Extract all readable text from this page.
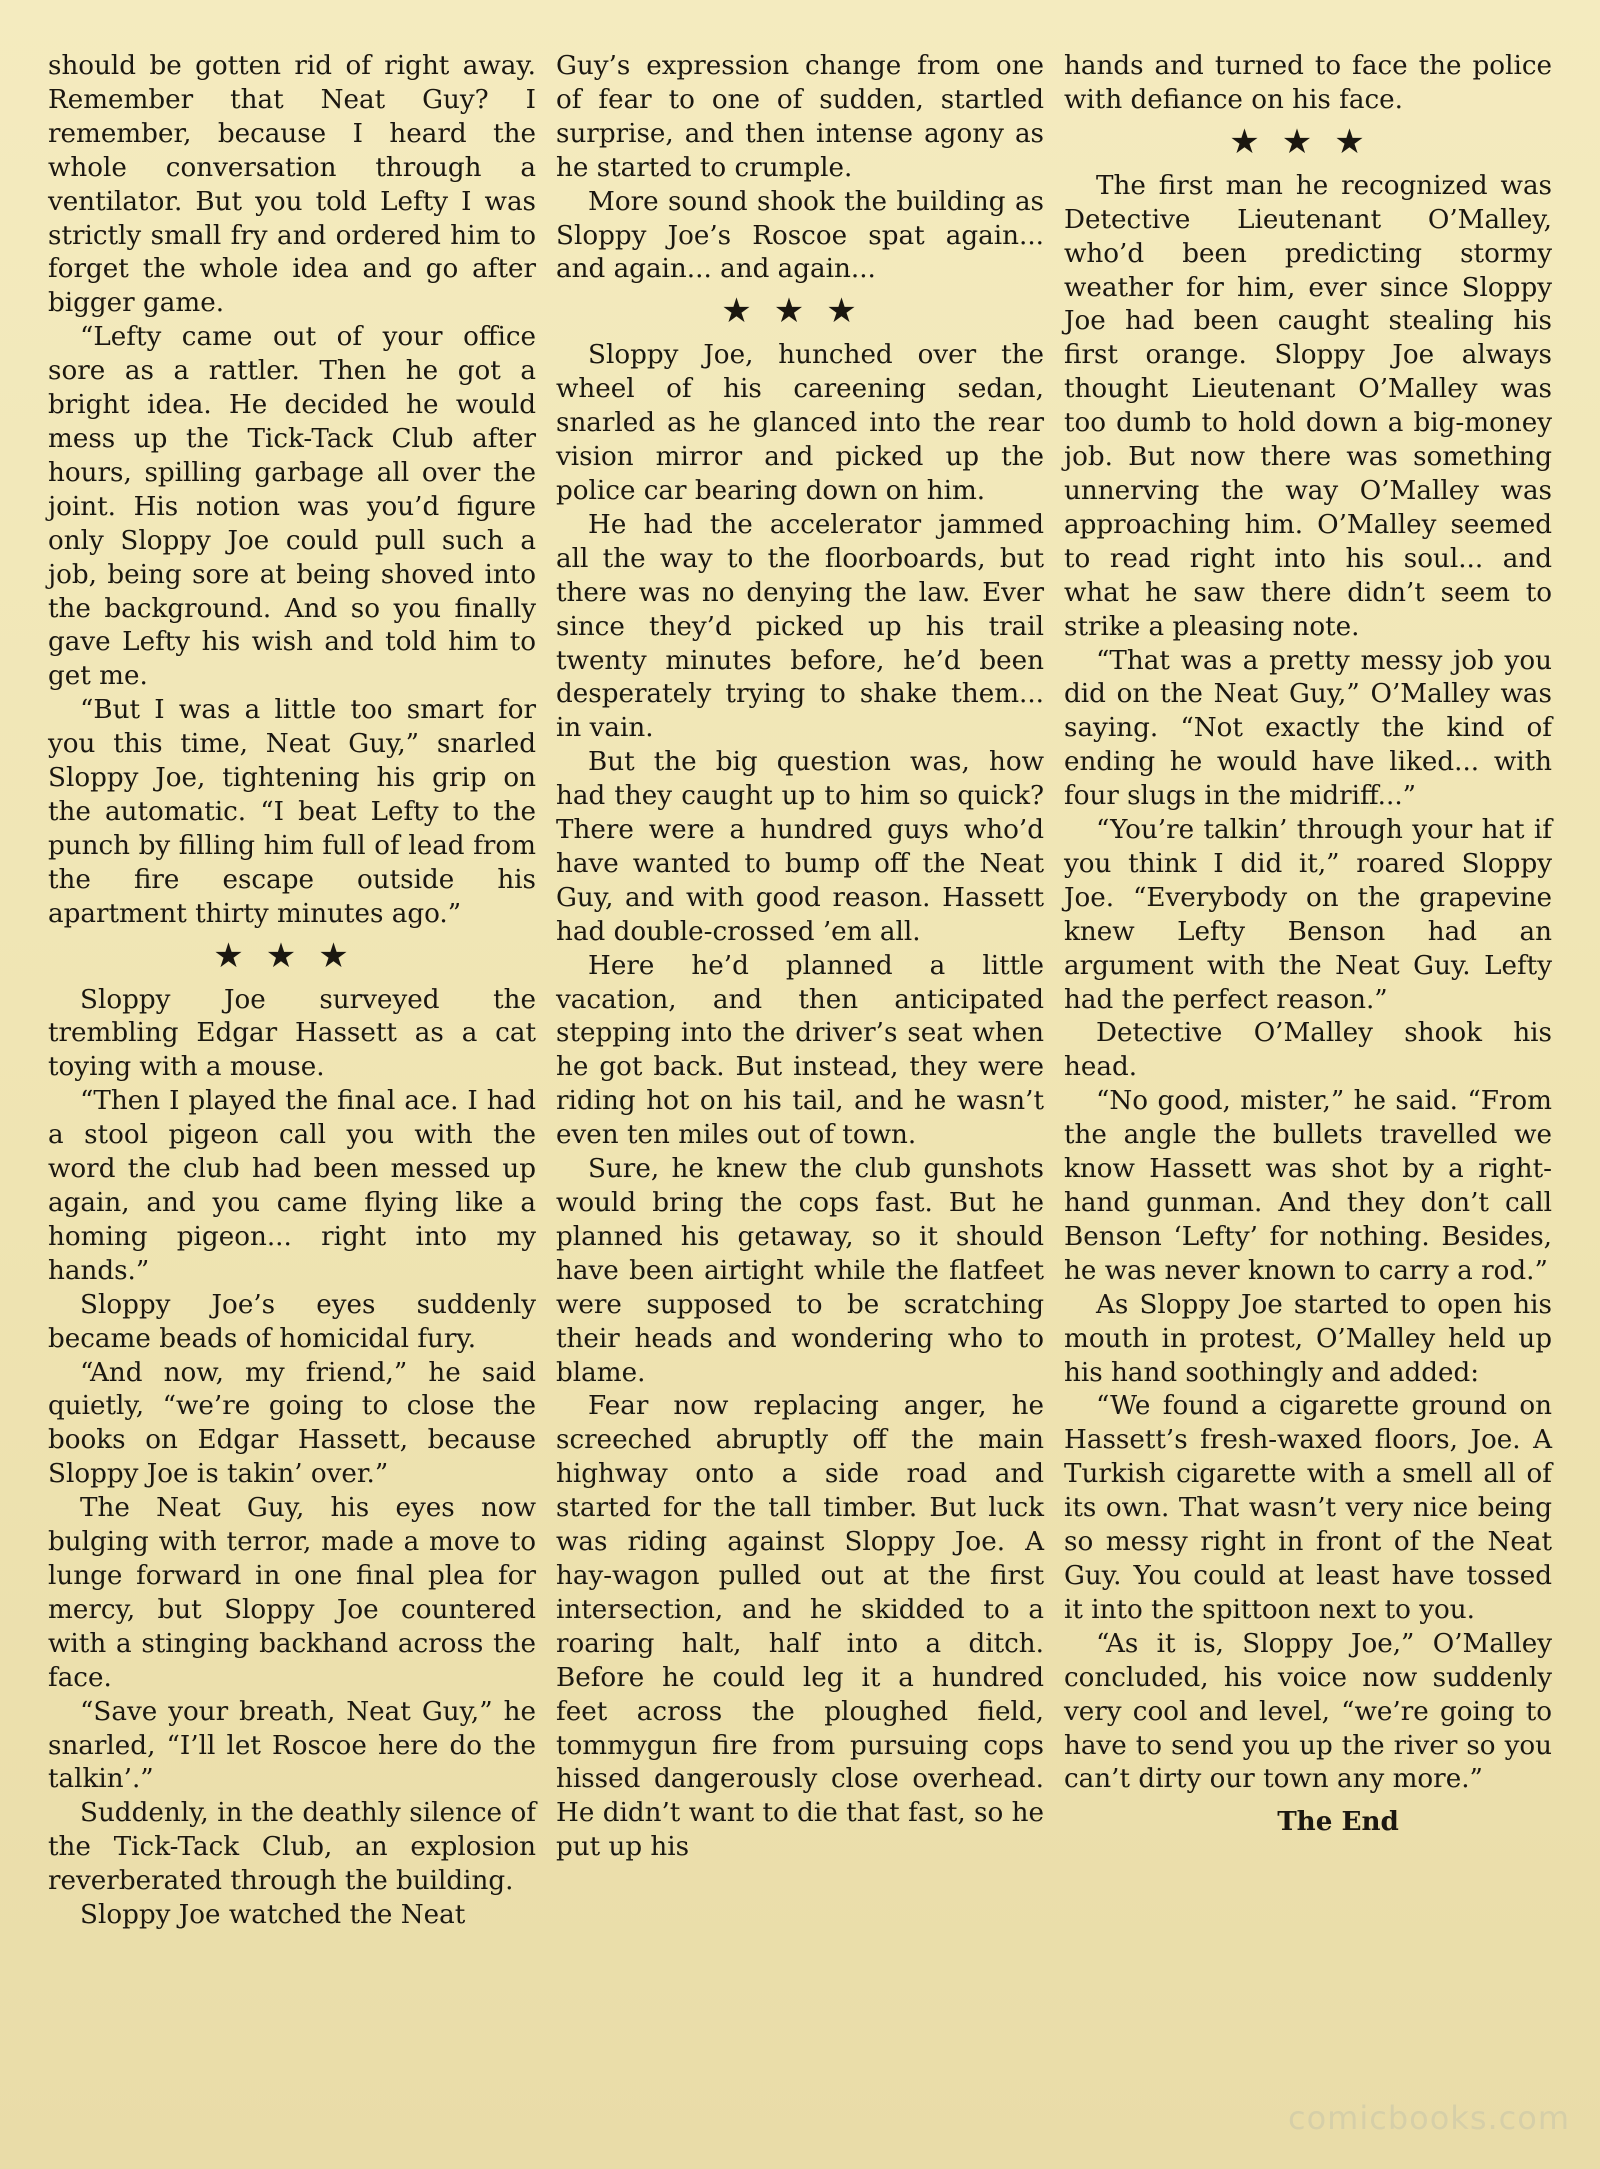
should be gotten rid of right away. Remember that Neat Guy? I remember, because I heard the whole conversation through a ventilator. But you told Lefty I was strictly small fry and ordered him to forget the whole idea and go after bigger game.

“Lefty came out of your office sore as a rattler. Then he got a bright idea. He decided he would mess up the Tick-Tack Club after hours, spilling garbage all over the joint. His notion was you’d figure only Sloppy Joe could pull such a job, being sore at being shoved into the background. And so you finally gave Lefty his wish and told him to get me.

“But I was a little too smart for you this time, Neat Guy,” snarled Sloppy Joe, tightening his grip on the automatic. “I beat Lefty to the punch by filling him full of lead from the fire escape outside his apartment thirty minutes ago.”

★★★

Sloppy Joe surveyed the trembling Edgar Hassett as a cat toying with a mouse.

“Then I played the final ace. I had a stool pigeon call you with the word the club had been messed up again, and you came flying like a homing pigeon... right into my hands.”

Sloppy Joe’s eyes suddenly became beads of homicidal fury.

“And now, my friend,” he said quietly, “we’re going to close the books on Edgar Hassett, because Sloppy Joe is takin’ over.”

The Neat Guy, his eyes now bulging with terror, made a move to lunge forward in one final plea for mercy, but Sloppy Joe countered with a stinging backhand across the face.

“Save your breath, Neat Guy,” he snarled, “I’ll let Roscoe here do the talkin’.”

Suddenly, in the deathly silence of the Tick-Tack Club, an explosion reverberated through the building.

Sloppy Joe watched the Neat

Guy’s expression change from one of fear to one of sudden, startled surprise, and then intense agony as he started to crumple.

More sound shook the building as Sloppy Joe’s Roscoe spat again... and again... and again...

★★★

Sloppy Joe, hunched over the wheel of his careening sedan, snarled as he glanced into the rear vision mirror and picked up the police car bearing down on him.

He had the accelerator jammed all the way to the floorboards, but there was no denying the law. Ever since they’d picked up his trail twenty minutes before, he’d been desperately trying to shake them... in vain.

But the big question was, how had they caught up to him so quick? There were a hundred guys who’d have wanted to bump off the Neat Guy, and with good reason. Hassett had double-crossed ’em all.

Here he’d planned a little vacation, and then anticipated stepping into the driver’s seat when he got back. But instead, they were riding hot on his tail, and he wasn’t even ten miles out of town.

Sure, he knew the club gunshots would bring the cops fast. But he planned his getaway, so it should have been airtight while the flatfeet were supposed to be scratching their heads and wondering who to blame.

Fear now replacing anger, he screeched abruptly off the main highway onto a side road and started for the tall timber. But luck was riding against Sloppy Joe. A hay-wagon pulled out at the first intersection, and he skidded to a roaring halt, half into a ditch. Before he could leg it a hundred feet across the ploughed field, tommygun fire from pursuing cops hissed dangerously close overhead. He didn’t want to die that fast, so he put up his

hands and turned to face the police with defiance on his face.

★★★

The first man he recognized was Detective Lieutenant O’Malley, who’d been predicting stormy weather for him, ever since Sloppy Joe had been caught stealing his first orange. Sloppy Joe always thought Lieutenant O’Malley was too dumb to hold down a big-money job. But now there was something unnerving the way O’Malley was approaching him. O’Malley seemed to read right into his soul... and what he saw there didn’t seem to strike a pleasing note.

“That was a pretty messy job you did on the Neat Guy,” O’Malley was saying. “Not exactly the kind of ending he would have liked... with four slugs in the midriff...”

“You’re talkin’ through your hat if you think I did it,” roared Sloppy Joe. “Everybody on the grapevine knew Lefty Benson had an argument with the Neat Guy. Lefty had the perfect reason.”

Detective O’Malley shook his head.

“No good, mister,” he said. “From the angle the bullets travelled we know Hassett was shot by a right-hand gunman. And they don’t call Benson ‘Lefty’ for nothing. Besides, he was never known to carry a rod.”

As Sloppy Joe started to open his mouth in protest, O’Malley held up his hand soothingly and added:

“We found a cigarette ground on Hassett’s fresh-waxed floors, Joe. A Turkish cigarette with a smell all of its own. That wasn’t very nice being so messy right in front of the Neat Guy. You could at least have tossed it into the spittoon next to you.

“As it is, Sloppy Joe,” O’Malley concluded, his voice now suddenly very cool and level, “we’re going to have to send you up the river so you can’t dirty our town any more.”

The End
comicbooks.com
